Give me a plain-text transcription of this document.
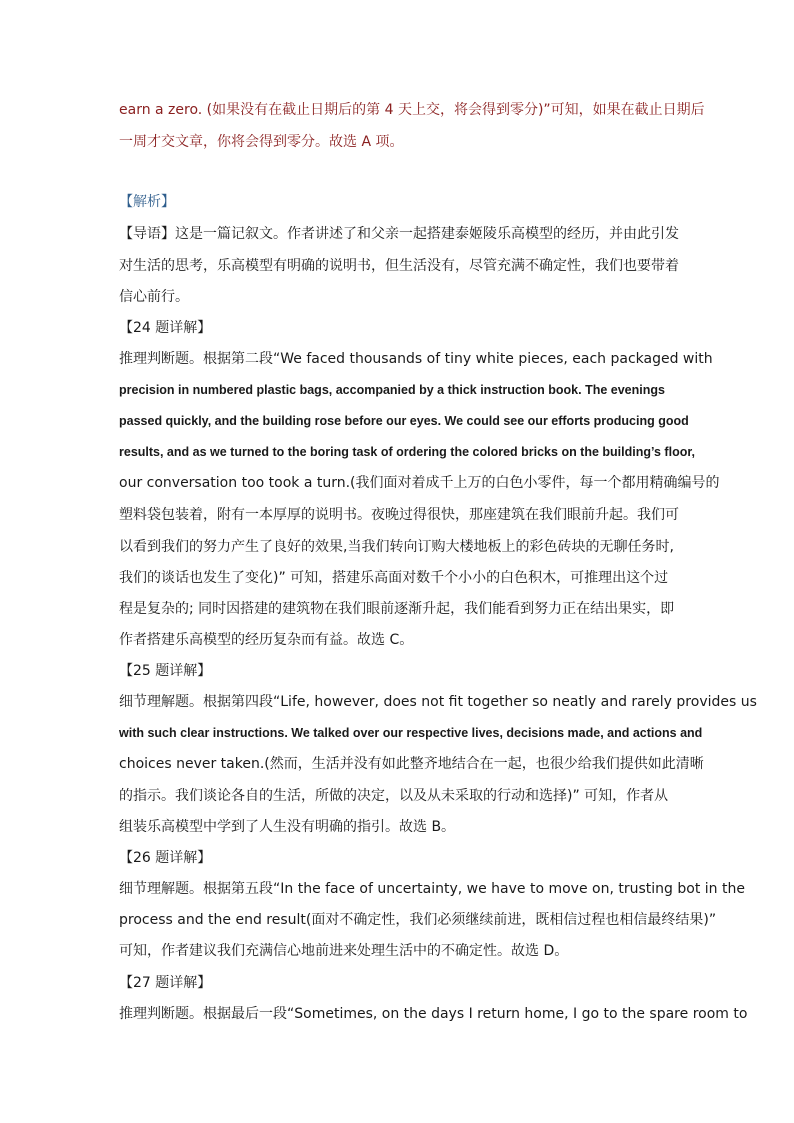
earn a zero. (如果没有在截止日期后的第 4 天上交，将会得到零分)”可知，如果在截止日期后
一周才交文章，你将会得到零分。故选 A 项。
【解析】
【导语】这是一篇记叙文。作者讲述了和父亲一起搭建泰姬陵乐高模型的经历，并由此引发
对生活的思考，乐高模型有明确的说明书，但生活没有，尽管充满不确定性，我们也要带着
信心前行。
【24 题详解】
推理判断题。根据第二段“We faced thousands of tiny white pieces, each packaged with
precision in numbered plastic bags, accompanied by a thick instruction book. The evenings
passed quickly, and the building rose before our eyes. We could see our efforts producing good
results, and as we turned to the boring task of ordering the colored bricks on the building’s floor,
our conversation too took a turn.(我们面对着成千上万的白色小零件，每一个都用精确编号的
塑料袋包装着，附有一本厚厚的说明书。夜晚过得很快，那座建筑在我们眼前升起。我们可
以看到我们的努力产生了良好的效果,当我们转向订购大楼地板上的彩色砖块的无聊任务时,
我们的谈话也发生了变化)” 可知，搭建乐高面对数千个小小的白色积木，可推理出这个过
程是复杂的; 同时因搭建的建筑物在我们眼前逐渐升起，我们能看到努力正在结出果实，即
作者搭建乐高模型的经历复杂而有益。故选 C。
【25 题详解】
细节理解题。根据第四段“Life, however, does not fit together so neatly and rarely provides us
with such clear instructions. We talked over our respective lives, decisions made, and actions and
choices never taken.(然而，生活并没有如此整齐地结合在一起，也很少给我们提供如此清晰
的指示。我们谈论各自的生活，所做的决定，以及从未采取的行动和选择)” 可知，作者从
组装乐高模型中学到了人生没有明确的指引。故选 B。
【26 题详解】
细节理解题。根据第五段“In the face of uncertainty, we have to move on, trusting bot in the
process and the end result(面对不确定性，我们必须继续前进，既相信过程也相信最终结果)”
可知，作者建议我们充满信心地前进来处理生活中的不确定性。故选 D。
【27 题详解】
推理判断题。根据最后一段“Sometimes, on the days I return home, I go to the spare room to
